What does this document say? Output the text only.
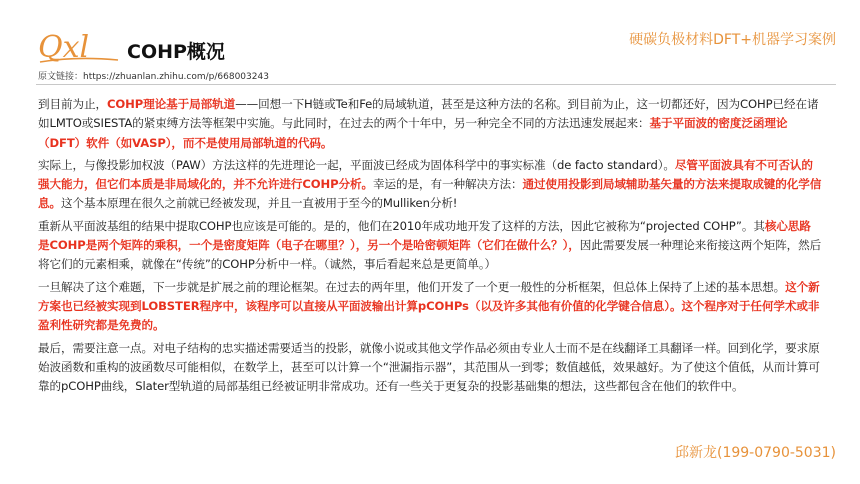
Qxl COHP概况
硬碳负极材料DFT+机器学习案例
原文链接：https://zhuanlan.zhihu.com/p/668003243

到目前为止，COHP理论基于局部轨道——回想一下H链或Te和Fe的局域轨道，甚至是这种方法的名称。到目前为止，这一切都还好，因为COHP已经在诸如LMTO或SIESTA的紧束缚方法等框架中实施。与此同时，在过去的两个十年中，另一种完全不同的方法迅速发展起来：基于平面波的密度泛函理论（DFT）软件（如VASP），而不是使用局部轨道的代码。

实际上，与像投影加权波（PAW）方法这样的先进理论一起，平面波已经成为固体科学中的事实标准（de facto standard）。尽管平面波具有不可否认的强大能力，但它们本质是非局域化的，并不允许进行COHP分析。幸运的是，有一种解决方法：通过使用投影到局域辅助基矢量的方法来提取成键的化学信息。这个基本原理在很久之前就已经被发现，并且一直被用于至今的Mulliken分析!

重新从平面波基组的结果中提取COHP也应该是可能的。是的，他们在2010年成功地开发了这样的方法，因此它被称为“projected COHP”。其核心思路是COHP是两个矩阵的乘积，一个是密度矩阵（电子在哪里？），另一个是哈密顿矩阵（它们在做什么？），因此需要发展一种理论来衔接这两个矩阵，然后将它们的元素相乘，就像在“传统”的COHP分析中一样。（诚然，事后看起来总是更简单。）

一旦解决了这个难题，下一步就是扩展之前的理论框架。在过去的两年里，他们开发了一个更一般性的分析框架，但总体上保持了上述的基本思想。这个新方案也已经被实现到LOBSTER程序中，该程序可以直接从平面波输出计算pCOHPs（以及许多其他有价值的化学键合信息）。这个程序对于任何学术或非盈利性研究都是免费的。

最后，需要注意一点。对电子结构的忠实描述需要适当的投影，就像小说或其他文学作品必须由专业人士而不是在线翻译工具翻译一样。回到化学，要求原始波函数和重构的波函数尽可能相似，在数学上，甚至可以计算一个“泄漏指示器”，其范围从一到零；数值越低，效果越好。为了使这个值低，从而计算可靠的pCOHP曲线，Slater型轨道的局部基组已经被证明非常成功。还有一些关于更复杂的投影基础集的想法，这些都包含在他们的软件中。

邱新龙(199-0790-5031)
